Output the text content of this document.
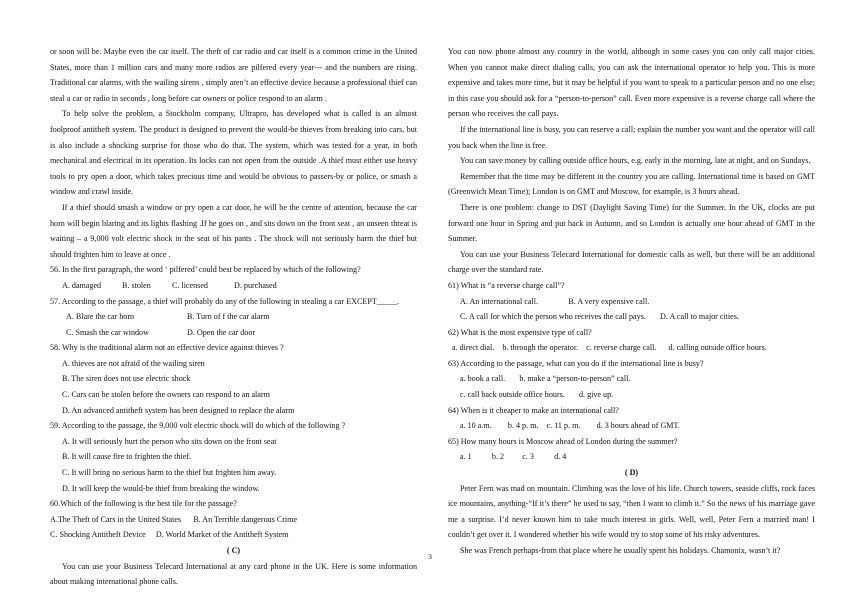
or soon will be. Maybe even the car itself. The theft of car radio and car itself is a common crime in the United States, more than 1 million cars and many more radios are pilfered every year--- and the numbers are rising. Traditional car alarms, with the wailing sirens , simply aren’t an effective device because a professional thief can steal a car or radio in seconds , long before car owners or police respond to an alarm .

To help solve the problem, a Stockholm company, Ultrapro, has developed what is called is an almost foolproof antitheft system. The product is designed to prevent the would-be thieves from breaking into cars, but is also include a shocking surprise for those who do that. The system, which was tested for a year, in both mechanical and electrical in its operation. Its locks can not open from the outside .A thief must either use heavy tools to pry open a door, which takes precious time and would be obvious to passers-by or police, or smash a window and crawl inside.

If a thief should smash a window or pry open a car door, he will be the centre of attention, because the car horn will begin blaring and its lights flashing .If he goes on , and sits down on the front seat , an unseen threat is waiting – a 9,000 volt electric shock in the seat of his pants . The shock will not seriously harm the thief but should frighten him to leave at once .

56. In the first paragraph, the word ‘ pilfered’ could best be replaced by which of the following?

A. damaged	B. stolen	C. licensed	D. purchased

57. According to the passage, a thief will probably do any of the following in stealing a car EXCEPT_____.

A. Blare the car horn	B. Turn of f the car alarm
C. Smash the car window	D. Open the car door

58. Why is the traditional alarm not an effective device against thieves ?

A. thieves are not afraid of the wailing siren

B. The siren does not use electric shock

C. Cars can be stolen before the owners can respond to an alarm

D. An advanced antitheft system has been designed to replace the alarm

59. According to the passage, the 9,000 volt electric shock will do which of the following ?

A. It will seriously hurt the person who sits down on the front seat

B. It will cause fire to frighten the thief.

C. It will bring no serious harm to the thief but frighten him away.

D. It will keep the would-be thief from breaking the window.

60.Which of the following is the best tile for the passage?

A.The Theft of Cars in the United States      B. An Terrible dangerous Crime

C. Shocking Antitheft Device     D. World Market of the Antitheft System

( C)

You can use your Business Telecard International at any card phone in the UK. Here is some information about making international phone calls.

You can now phone almost any country in the world, although in some cases you can only call major cities. When you cannot make direct dialing calls, you can ask the international operator to help you. This is more expensive and takes more time, but it may be helpful if you want to speak to a particular person and no one else; in this case you should ask for a “person-to-person” call. Even more expensive is a reverse charge call where the person who receives the call pays.

If the international line is busy, you can reserve a call; explain the number you want and the operator will call you back when the line is free.

You can save money by calling outside office hours, e.g. early in the morning, late at night, and on Sundays.

Remember that the time may be different in the country you are calling. International time is based on GMT (Greenwich Mean Time); London is on GMT and Moscow, for example, is 3 hours ahead.

There is one problem: change to DST (Daylight Saving Time) for the Summer. In the UK, clocks are put forward one hour in Spring and put back in Autumn, and so London is actually one hour ahead of GMT in the Summer.

You can use your Business Telecard International for domestic calls as well, but there will be an additional charge over the standard rate.

61) What is “a reverse charge call”?

A. An international call.               B. A very expensive call.

C. A call for which the person who receives the call pays.       D. A call to major cities.

62) What is the most expensive type of call?

a. direct dial.    b. through the operator.    c. reverse charge call.      d. calling outside office hours.

63) According to the passage, what can you do if the international line is busy?

a. book a call.       b. make a “person-to-person” call.

c. call back outside office hours.       d. give up.

64) When is it cheaper to make an international call?

a. 10 a.m.        b. 4 p. m.    c. 11 p. m.        d. 3 hours ahead of GMT.

65) How many hours is Moscow ahead of London during the summer?

a. 1          b. 2         c. 3          d. 4

( D)

Peter Fern was mad on mountain. Climbing was the love of his life. Church towers, seaside cliffs, rock faces ice mountains, anything-“If it’s there” he used to say, “then I want to climb it.” So the news of his marriage gave me a surprise. I’d never known him to take much interest in girls. Well, well, Peter Fern a married man! I couldn’t get over it. I wondered whether his wife would try to stop some of his risky adventures.

She was French perhaps-from that place where he usually spent his holidays. Chamonix, wasn’t it?

3
